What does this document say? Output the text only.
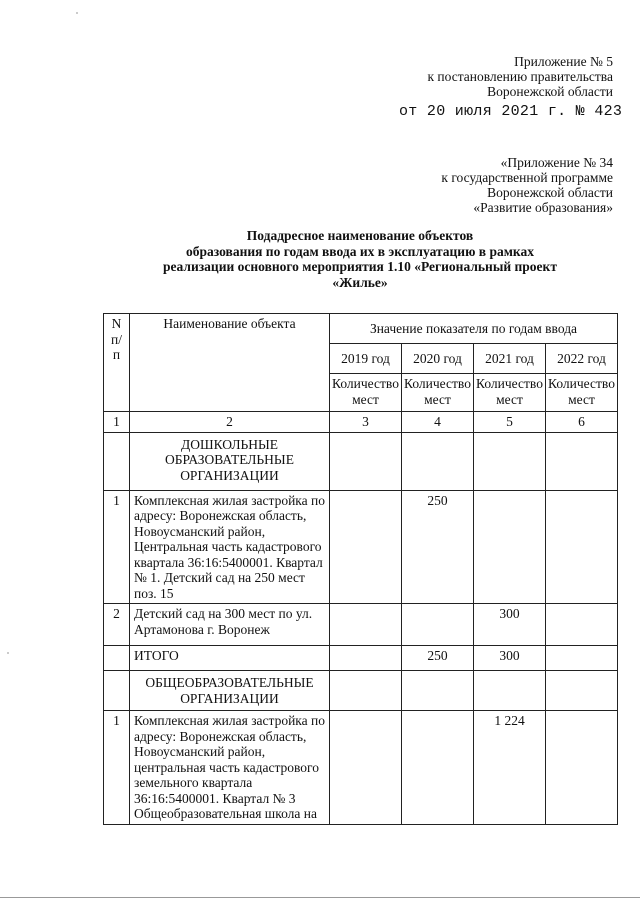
Приложение № 5
к постановлению правительства
Воронежской области
от 20 июля 2021 г. № 423
«Приложение № 34
к государственной программе
Воронежской области
«Развитие образования»
Подадресное наименование объектов
образования по годам ввода их в эксплуатацию в рамках
реализации основного мероприятия 1.10 «Региональный проект
«Жилье»
N п/п	Наименование объекта	Значение показателя по годам ввода			
		2019 год	2020 год	2021 год	2022 год
		Количество мест	Количество мест	Количество мест	Количество мест
1	2	3	4	5	6
	ДОШКОЛЬНЫЕ ОБРАЗОВАТЕЛЬНЫЕ ОРГАНИЗАЦИИ				
1	Комплексная жилая застройка по адресу: Воронежская область, Новоусманский район, Центральная часть кадастрового квартала 36:16:5400001. Квартал № 1. Детский сад на 250 мест поз. 15		250		
2	Детский сад на 300 мест по ул. Артамонова г. Воронеж			300	
	ИТОГО		250	300	
	ОБЩЕОБРАЗОВАТЕЛЬНЫЕ ОРГАНИЗАЦИИ				
1	Комплексная жилая застройка по адресу: Воронежская область, Новоусманский район, центральная часть кадастрового земельного квартала 36:16:5400001. Квартал № 3 Общеобразовательная школа на			1 224	
